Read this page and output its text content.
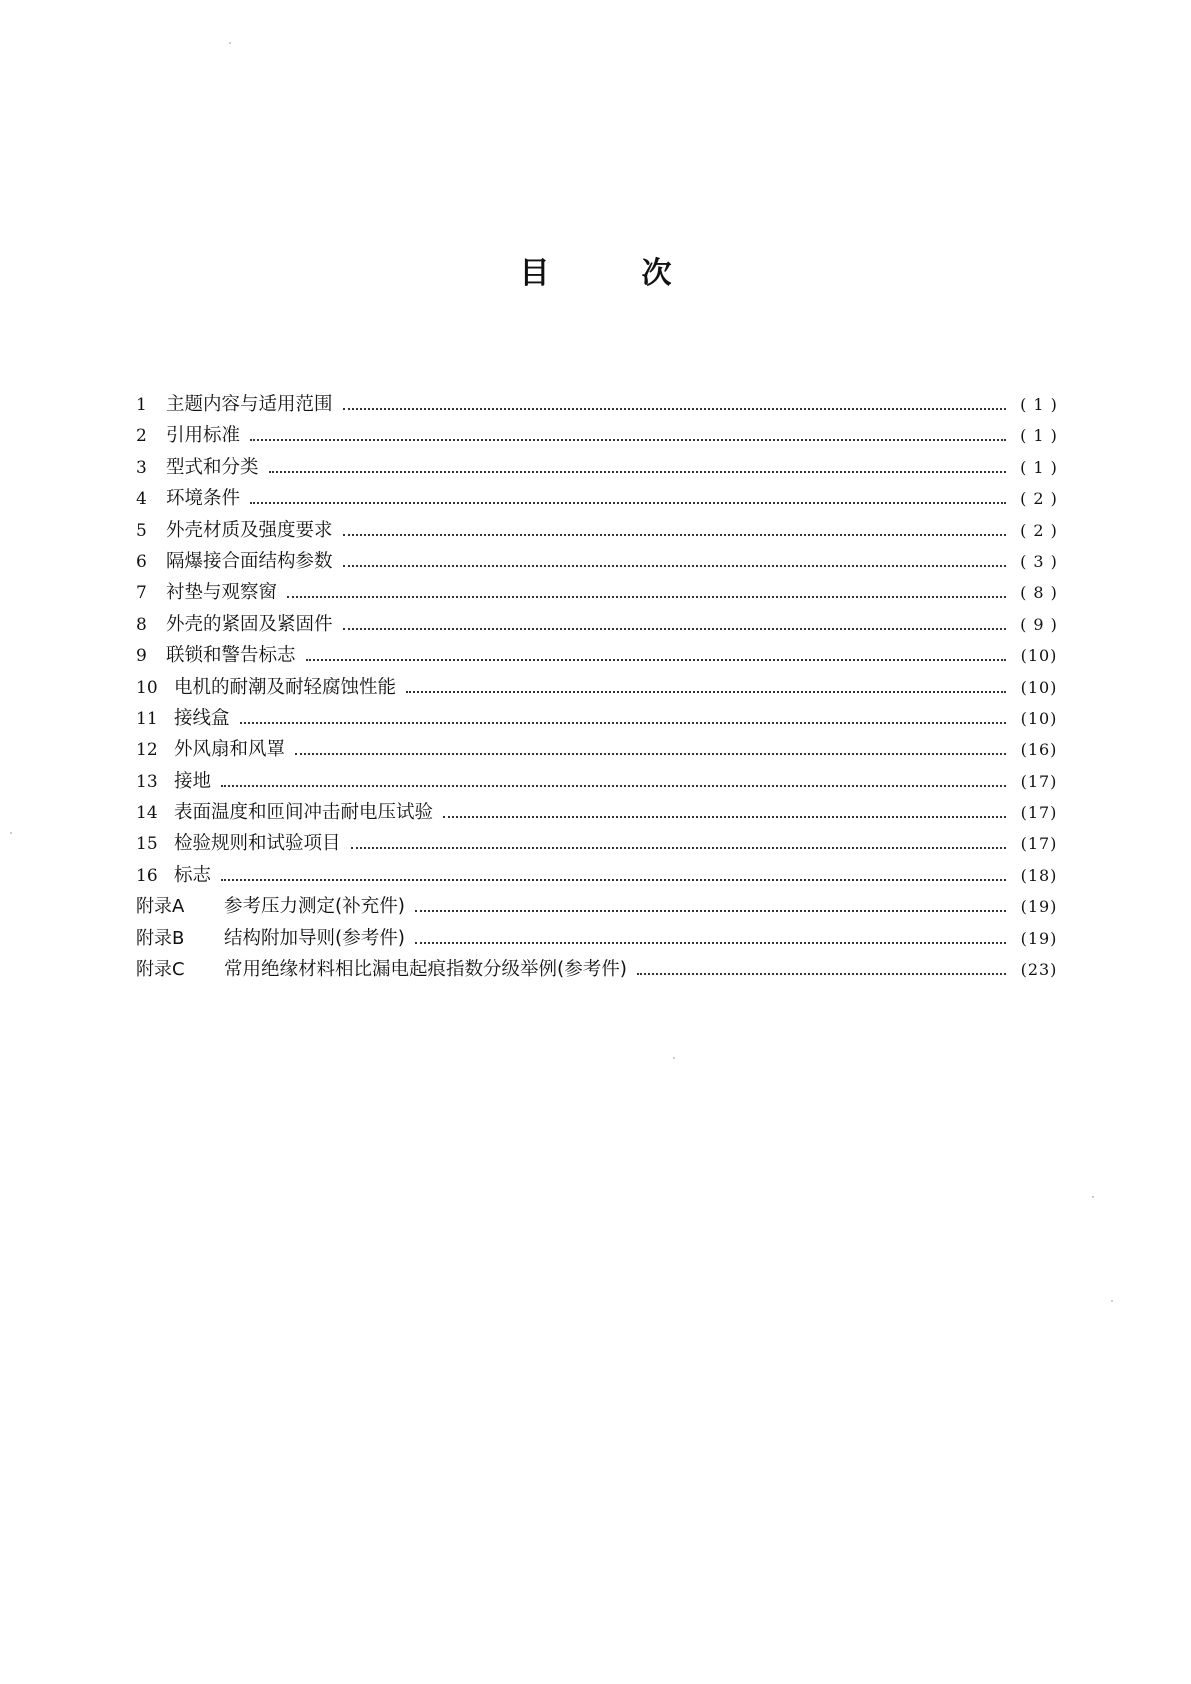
目	次
1	主题内容与适用范围	( 1 )
2	引用标准	( 1 )
3	型式和分类	( 1 )
4	环境条件	( 2 )
5	外壳材质及强度要求	( 2 )
6	隔爆接合面结构参数	( 3 )
7	衬垫与观察窗	( 8 )
8	外壳的紧固及紧固件	( 9 )
9	联锁和警告标志	(10)
10 电机的耐潮及耐轻腐蚀性能	(10)
11 接线盒	(10)
12 外风扇和风罩	(16)
13 接地	(17)
14 表面温度和匝间冲击耐电压试验	(17)
15 检验规则和试验项目	(17)
16 标志	(18)
附录A	参考压力测定(补充件)	(19)
附录B	结构附加导则(参考件)	(19)
附录C	常用绝缘材料相比漏电起痕指数分级举例(参考件)	(23)
